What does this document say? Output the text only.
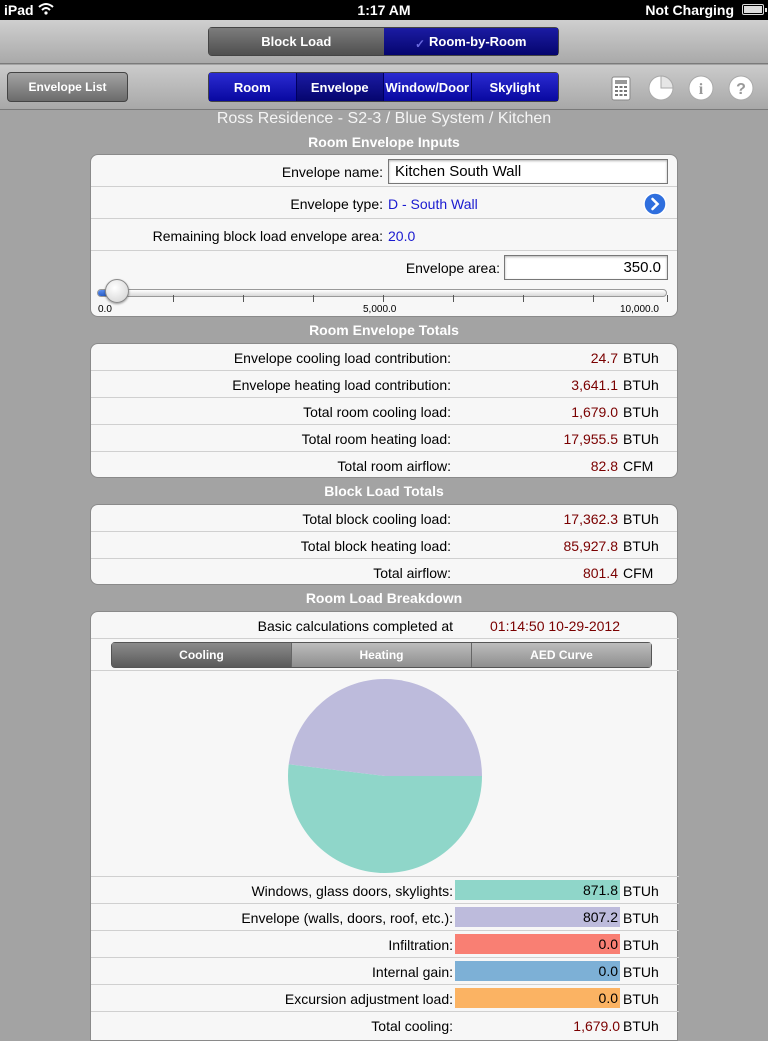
iPad	1:17 AM	Not Charging
Block Load	✓ Room-by-Room
Envelope List	Room	Envelope	Window/Door	Skylight	i ?
Ross Residence - S2-3 / Blue System / Kitchen
Room Envelope Inputs
Envelope name: Kitchen South Wall
Envelope type: D - South Wall
Remaining block load envelope area: 20.0
Envelope area:	350.0
0.0	5,000.0	10,000.0
Room Envelope Totals
Envelope cooling load contribution:	24.7 BTUh
Envelope heating load contribution:	3,641.1 BTUh
Total room cooling load:	1,679.0 BTUh
Total room heating load:	17,955.5 BTUh
Total room airflow:	82.8 CFM
Block Load Totals
Total block cooling load:	17,362.3 BTUh
Total block heating load:	85,927.8 BTUh
Total airflow:	801.4 CFM
Room Load Breakdown
Basic calculations completed at	01:14:50 10-29-2012
Cooling	Heating	AED Curve
Windows, glass doors, skylights:	871.8 BTUh
Envelope (walls, doors, roof, etc.):	807.2 BTUh
Infiltration:	0.0 BTUh
Internal gain:	0.0 BTUh
Excursion adjustment load:	0.0 BTUh
Total cooling:	1,679.0 BTUh
